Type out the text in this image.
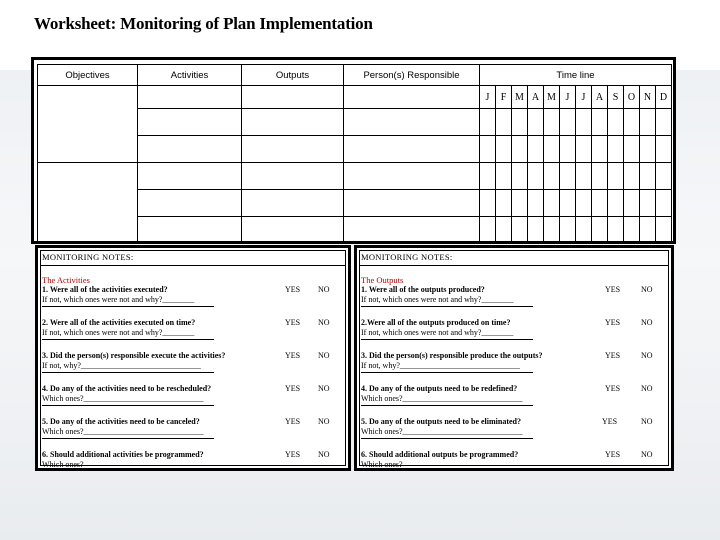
Worksheet: Monitoring of Plan Implementation
Objectives	Activities	Outputs	Person(s) Responsible	Time line											
				J	F	M	A	M	J	J	A	S	O	N	D

MONITORING NOTES:
The Activities
1. Were all of the activities executed?	YES NO
If not, which ones were not and why?________
2. Were all of the activities executed on time?	YES NO
If not, which ones were not and why?________
3. Did the person(s) responsible execute the activities?	YES NO
If not, why?______________________________
4. Do any of the activities need to be rescheduled?	YES NO
Which ones?______________________________
5. Do any of the activities need to be canceled?	YES NO
Which ones?______________________________
6. Should additional activities be programmed?	YES NO
Which ones?
MONITORING NOTES:
The Outputs
1. Were all of the outputs produced?	YES	NO
If not, which ones were not and why?________
2.Were all of the outputs produced on time?	YES	NO
If not, which ones were not and why?________
3. Did the person(s) responsible produce the outputs?	YES	NO
If not, why?______________________________
4. Do any of the outputs need to be redefined?	YES	NO
Which ones?______________________________
5. Do any of the outputs need to be eliminated?	YES	NO
Which ones?______________________________
6. Should additional outputs be programmed?	YES	NO
Which ones?
